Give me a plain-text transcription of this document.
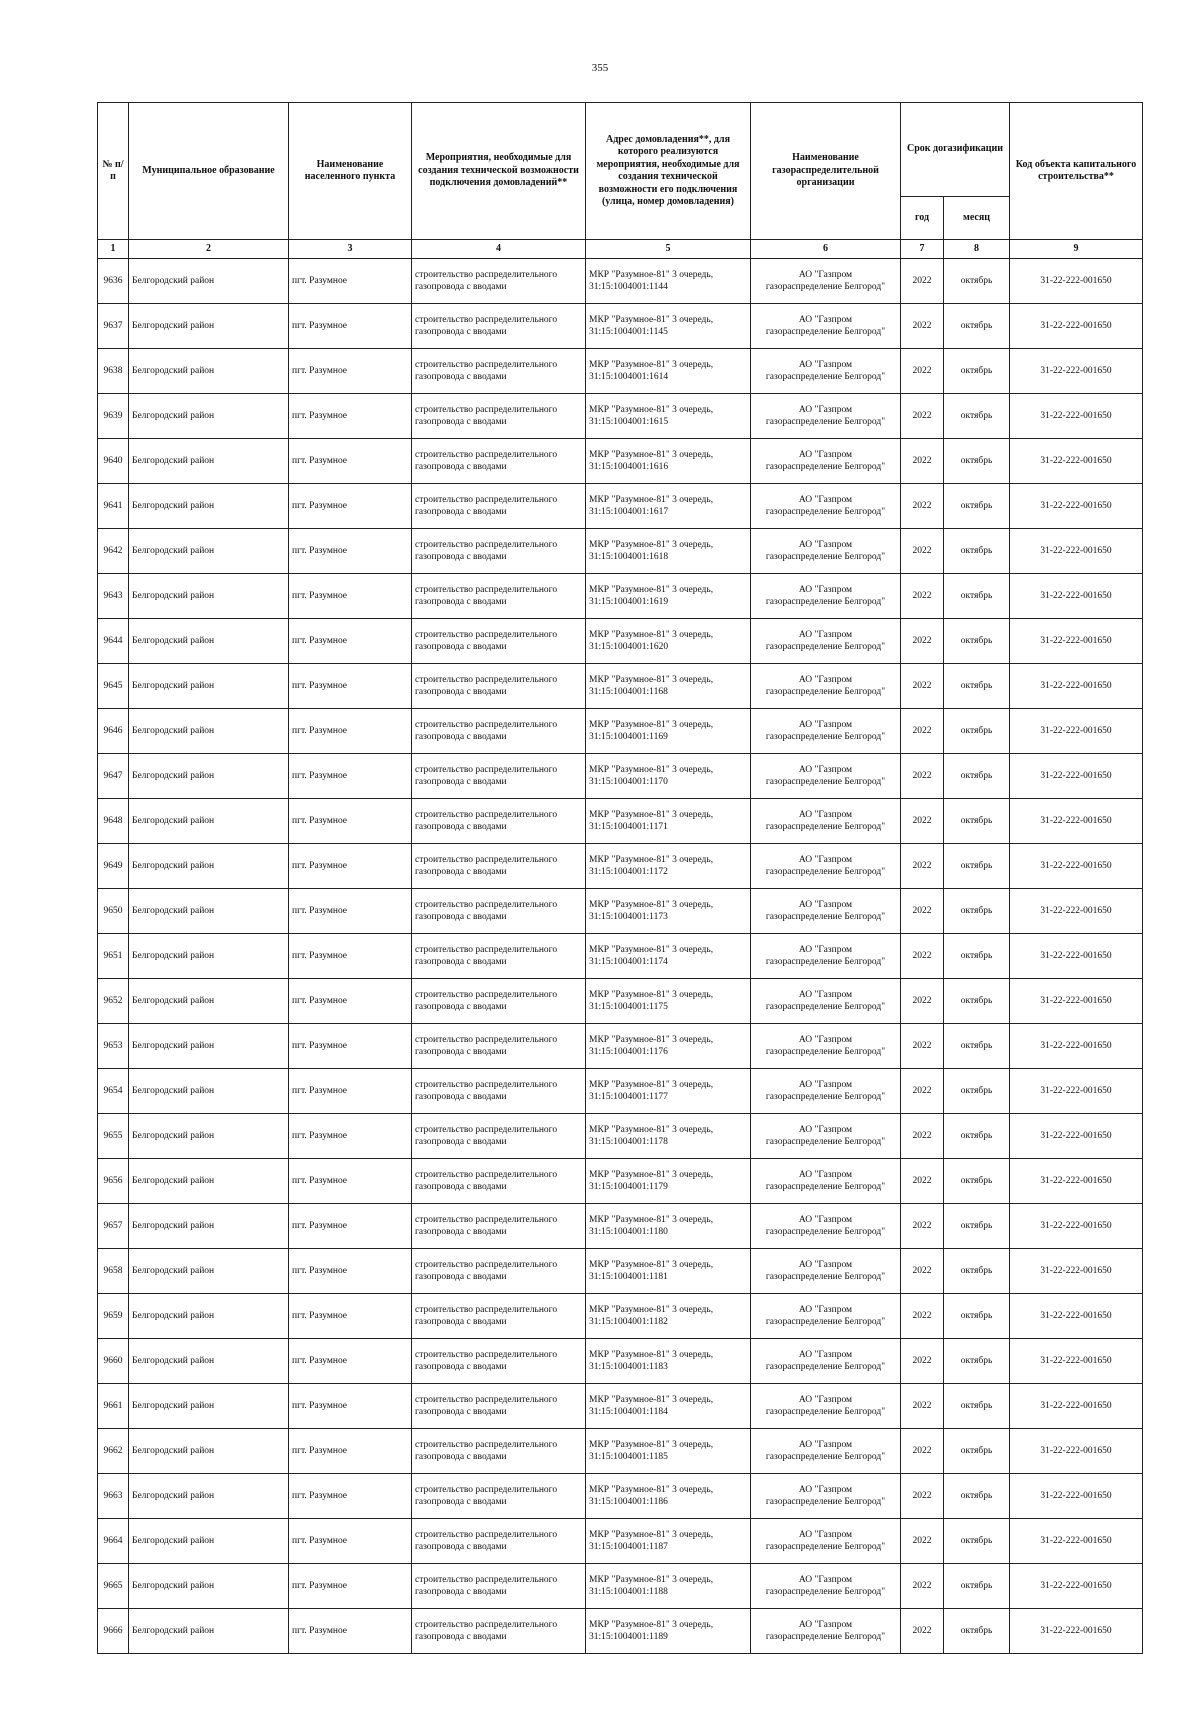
355
№ п/п	Муниципальное образование	Наименование населенного пункта	Мероприятия, необходимые для создания технической возможности подключения домовладений**	Адрес домовладения**, для которого реализуются мероприятия, необходимые для создания технической возможности его подключения (улица, номер домовладения)	Наименование газораспределительной организации	Срок догазификации		Код объекта капитального строительства**
						год	месяц	
1	2	3	4	5	6	7	8	9
9636	Белгородский район	пгт. Разумное	строительство распределительного газопровода с вводами	МКР "Разумное-81" 3 очередь, 31:15:1004001:1144	АО "Газпром
газораспределение Белгород"	2022	октябрь	31-22-222-001650
9637	Белгородский район	пгт. Разумное	строительство распределительного газопровода с вводами	МКР "Разумное-81" 3 очередь, 31:15:1004001:1145	АО "Газпром
газораспределение Белгород"	2022	октябрь	31-22-222-001650
9638	Белгородский район	пгт. Разумное	строительство распределительного газопровода с вводами	МКР "Разумное-81" 3 очередь, 31:15:1004001:1614	АО "Газпром
газораспределение Белгород"	2022	октябрь	31-22-222-001650
9639	Белгородский район	пгт. Разумное	строительство распределительного газопровода с вводами	МКР "Разумное-81" 3 очередь, 31:15:1004001:1615	АО "Газпром
газораспределение Белгород"	2022	октябрь	31-22-222-001650
9640	Белгородский район	пгт. Разумное	строительство распределительного газопровода с вводами	МКР "Разумное-81" 3 очередь, 31:15:1004001:1616	АО "Газпром
газораспределение Белгород"	2022	октябрь	31-22-222-001650
9641	Белгородский район	пгт. Разумное	строительство распределительного газопровода с вводами	МКР "Разумное-81" 3 очередь, 31:15:1004001:1617	АО "Газпром
газораспределение Белгород"	2022	октябрь	31-22-222-001650
9642	Белгородский район	пгт. Разумное	строительство распределительного газопровода с вводами	МКР "Разумное-81" 3 очередь, 31:15:1004001:1618	АО "Газпром
газораспределение Белгород"	2022	октябрь	31-22-222-001650
9643	Белгородский район	пгт. Разумное	строительство распределительного газопровода с вводами	МКР "Разумное-81" 3 очередь, 31:15:1004001:1619	АО "Газпром
газораспределение Белгород"	2022	октябрь	31-22-222-001650
9644	Белгородский район	пгт. Разумное	строительство распределительного газопровода с вводами	МКР "Разумное-81" 3 очередь, 31:15:1004001:1620	АО "Газпром
газораспределение Белгород"	2022	октябрь	31-22-222-001650
9645	Белгородский район	пгт. Разумное	строительство распределительного газопровода с вводами	МКР "Разумное-81" 3 очередь, 31:15:1004001:1168	АО "Газпром
газораспределение Белгород"	2022	октябрь	31-22-222-001650
9646	Белгородский район	пгт. Разумное	строительство распределительного газопровода с вводами	МКР "Разумное-81" 3 очередь, 31:15:1004001:1169	АО "Газпром
газораспределение Белгород"	2022	октябрь	31-22-222-001650
9647	Белгородский район	пгт. Разумное	строительство распределительного газопровода с вводами	МКР "Разумное-81" 3 очередь, 31:15:1004001:1170	АО "Газпром
газораспределение Белгород"	2022	октябрь	31-22-222-001650
9648	Белгородский район	пгт. Разумное	строительство распределительного газопровода с вводами	МКР "Разумное-81" 3 очередь, 31:15:1004001:1171	АО "Газпром
газораспределение Белгород"	2022	октябрь	31-22-222-001650
9649	Белгородский район	пгт. Разумное	строительство распределительного газопровода с вводами	МКР "Разумное-81" 3 очередь, 31:15:1004001:1172	АО "Газпром
газораспределение Белгород"	2022	октябрь	31-22-222-001650
9650	Белгородский район	пгт. Разумное	строительство распределительного газопровода с вводами	МКР "Разумное-81" 3 очередь, 31:15:1004001:1173	АО "Газпром
газораспределение Белгород"	2022	октябрь	31-22-222-001650
9651	Белгородский район	пгт. Разумное	строительство распределительного газопровода с вводами	МКР "Разумное-81" 3 очередь, 31:15:1004001:1174	АО "Газпром
газораспределение Белгород"	2022	октябрь	31-22-222-001650
9652	Белгородский район	пгт. Разумное	строительство распределительного газопровода с вводами	МКР "Разумное-81" 3 очередь, 31:15:1004001:1175	АО "Газпром
газораспределение Белгород"	2022	октябрь	31-22-222-001650
9653	Белгородский район	пгт. Разумное	строительство распределительного газопровода с вводами	МКР "Разумное-81" 3 очередь, 31:15:1004001:1176	АО "Газпром
газораспределение Белгород"	2022	октябрь	31-22-222-001650
9654	Белгородский район	пгт. Разумное	строительство распределительного газопровода с вводами	МКР "Разумное-81" 3 очередь, 31:15:1004001:1177	АО "Газпром
газораспределение Белгород"	2022	октябрь	31-22-222-001650
9655	Белгородский район	пгт. Разумное	строительство распределительного газопровода с вводами	МКР "Разумное-81" 3 очередь, 31:15:1004001:1178	АО "Газпром
газораспределение Белгород"	2022	октябрь	31-22-222-001650
9656	Белгородский район	пгт. Разумное	строительство распределительного газопровода с вводами	МКР "Разумное-81" 3 очередь, 31:15:1004001:1179	АО "Газпром
газораспределение Белгород"	2022	октябрь	31-22-222-001650
9657	Белгородский район	пгт. Разумное	строительство распределительного газопровода с вводами	МКР "Разумное-81" 3 очередь, 31:15:1004001:1180	АО "Газпром
газораспределение Белгород"	2022	октябрь	31-22-222-001650
9658	Белгородский район	пгт. Разумное	строительство распределительного газопровода с вводами	МКР "Разумное-81" 3 очередь, 31:15:1004001:1181	АО "Газпром
газораспределение Белгород"	2022	октябрь	31-22-222-001650
9659	Белгородский район	пгт. Разумное	строительство распределительного газопровода с вводами	МКР "Разумное-81" 3 очередь, 31:15:1004001:1182	АО "Газпром
газораспределение Белгород"	2022	октябрь	31-22-222-001650
9660	Белгородский район	пгт. Разумное	строительство распределительного газопровода с вводами	МКР "Разумное-81" 3 очередь, 31:15:1004001:1183	АО "Газпром
газораспределение Белгород"	2022	октябрь	31-22-222-001650
9661	Белгородский район	пгт. Разумное	строительство распределительного газопровода с вводами	МКР "Разумное-81" 3 очередь, 31:15:1004001:1184	АО "Газпром
газораспределение Белгород"	2022	октябрь	31-22-222-001650
9662	Белгородский район	пгт. Разумное	строительство распределительного газопровода с вводами	МКР "Разумное-81" 3 очередь, 31:15:1004001:1185	АО "Газпром
газораспределение Белгород"	2022	октябрь	31-22-222-001650
9663	Белгородский район	пгт. Разумное	строительство распределительного газопровода с вводами	МКР "Разумное-81" 3 очередь, 31:15:1004001:1186	АО "Газпром
газораспределение Белгород"	2022	октябрь	31-22-222-001650
9664	Белгородский район	пгт. Разумное	строительство распределительного газопровода с вводами	МКР "Разумное-81" 3 очередь, 31:15:1004001:1187	АО "Газпром
газораспределение Белгород"	2022	октябрь	31-22-222-001650
9665	Белгородский район	пгт. Разумное	строительство распределительного газопровода с вводами	МКР "Разумное-81" 3 очередь, 31:15:1004001:1188	АО "Газпром
газораспределение Белгород"	2022	октябрь	31-22-222-001650
9666	Белгородский район	пгт. Разумное	строительство распределительного газопровода с вводами	МКР "Разумное-81" 3 очередь, 31:15:1004001:1189	АО "Газпром
газораспределение Белгород"	2022	октябрь	31-22-222-001650
